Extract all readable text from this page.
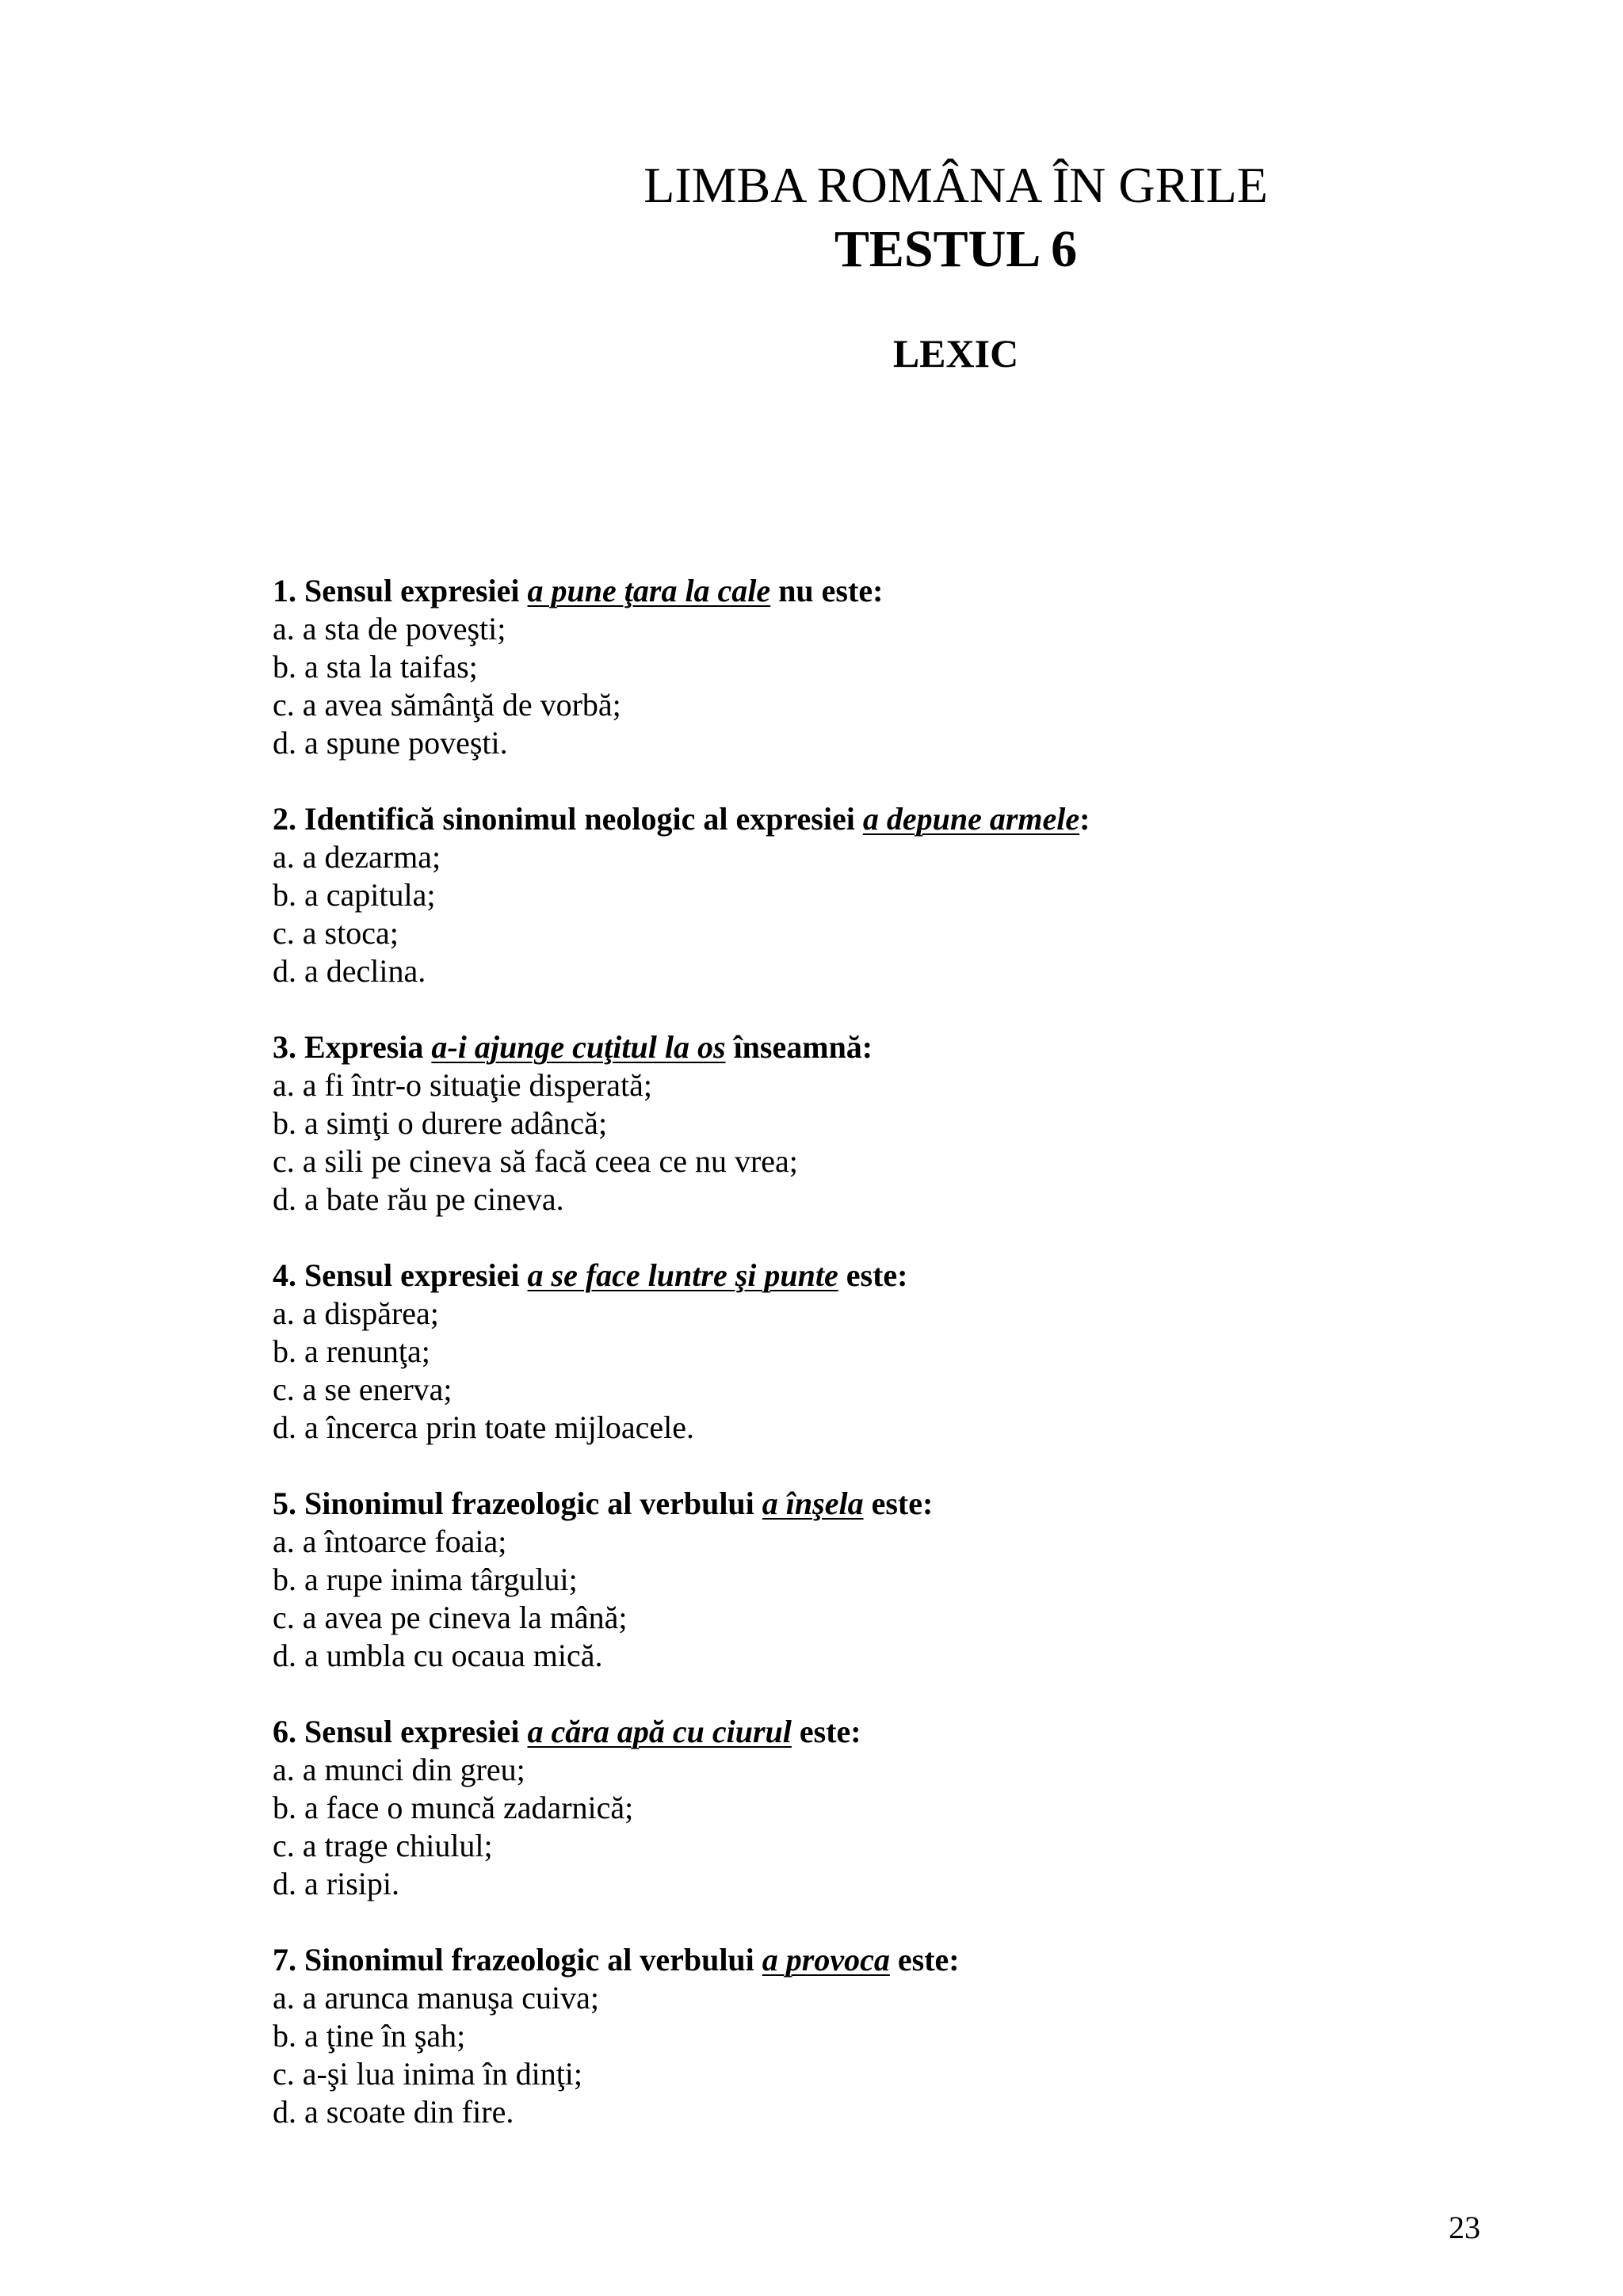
LIMBA ROMÂNA ÎN GRILE
TESTUL 6
LEXIC
1. Sensul expresiei a pune ţara la cale nu este:
a. a sta de poveşti;
b. a sta la taifas;
c. a avea sămânţă de vorbă;
d. a spune poveşti.
2. Identifică sinonimul neologic al expresiei a depune armele:
a. a dezarma;
b. a capitula;
c. a stoca;
d. a declina.
3. Expresia a-i ajunge cuţitul la os înseamnă:
a. a fi într-o situaţie disperată;
b. a simţi o durere adâncă;
c. a sili pe cineva să facă ceea ce nu vrea;
d. a bate rău pe cineva.
4. Sensul expresiei a se face luntre şi punte este:
a. a dispărea;
b. a renunţa;
c. a se enerva;
d. a încerca prin toate mijloacele.
5. Sinonimul frazeologic al verbului a înşela este:
a. a întoarce foaia;
b. a rupe inima târgului;
c. a avea pe cineva la mână;
d. a umbla cu ocaua mică.
6. Sensul expresiei a căra apă cu ciurul este:
a. a munci din greu;
b. a face o muncă zadarnică;
c. a trage chiulul;
d. a risipi.
7. Sinonimul frazeologic al verbului a provoca este:
a. a arunca manuşa cuiva;
b. a ţine în şah;
c. a-şi lua inima în dinţi;
d. a scoate din fire.
23
